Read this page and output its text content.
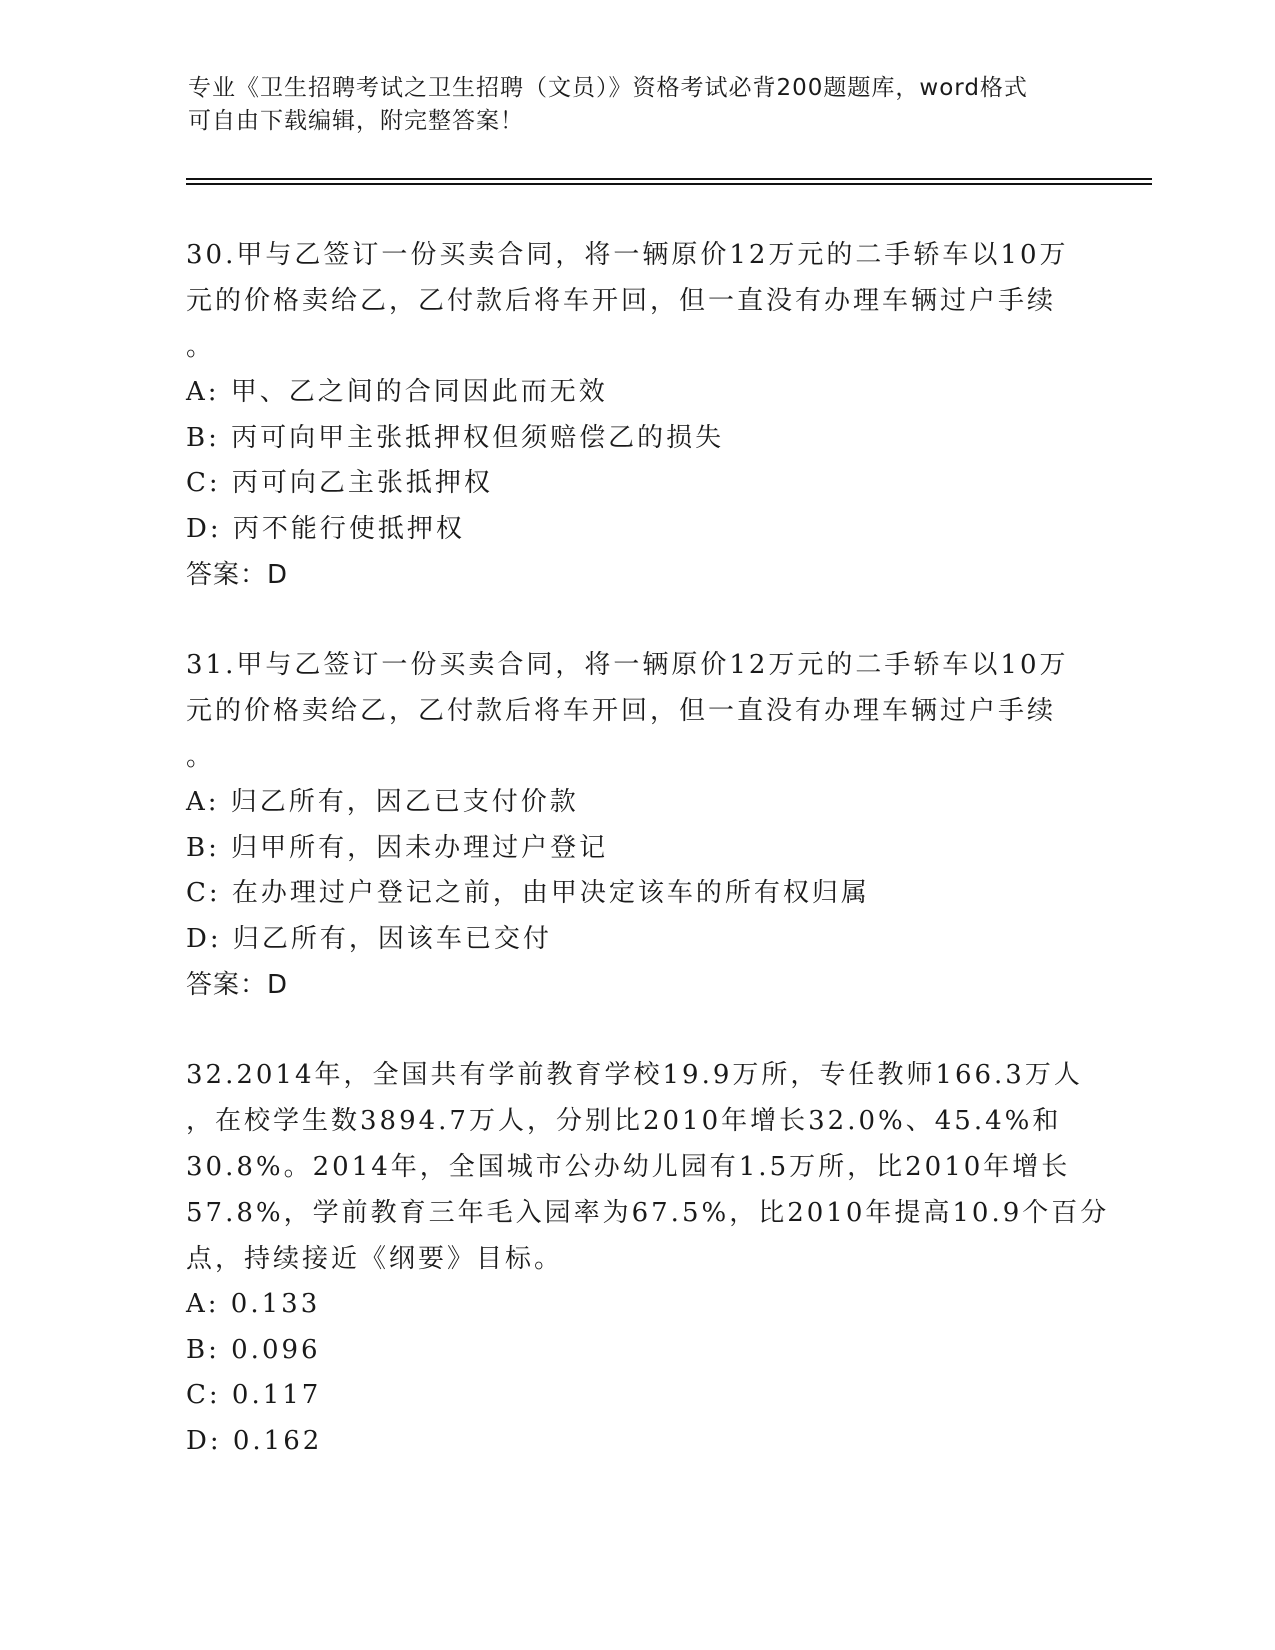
专业《卫生招聘考试之卫生招聘（文员）》资格考试必背200题题库，word格式
可自由下载编辑，附完整答案！
30.甲与乙签订一份买卖合同，将一辆原价12万元的二手轿车以10万
元的价格卖给乙，乙付款后将车开回，但一直没有办理车辆过户手续
。
A: 甲、乙之间的合同因此而无效
B: 丙可向甲主张抵押权但须赔偿乙的损失
C: 丙可向乙主张抵押权
D: 丙不能行使抵押权
答案：D
31.甲与乙签订一份买卖合同，将一辆原价12万元的二手轿车以10万
元的价格卖给乙，乙付款后将车开回，但一直没有办理车辆过户手续
。
A: 归乙所有，因乙已支付价款
B: 归甲所有，因未办理过户登记
C: 在办理过户登记之前，由甲决定该车的所有权归属
D: 归乙所有，因该车已交付
答案：D
32.2014年，全国共有学前教育学校19.9万所，专任教师166.3万人
，在校学生数3894.7万人，分别比2010年增长32.0%、45.4%和
30.8%。2014年，全国城市公办幼儿园有1.5万所，比2010年增长
57.8%，学前教育三年毛入园率为67.5%，比2010年提高10.9个百分
点，持续接近《纲要》目标。
A: 0.133
B: 0.096
C: 0.117
D: 0.162
